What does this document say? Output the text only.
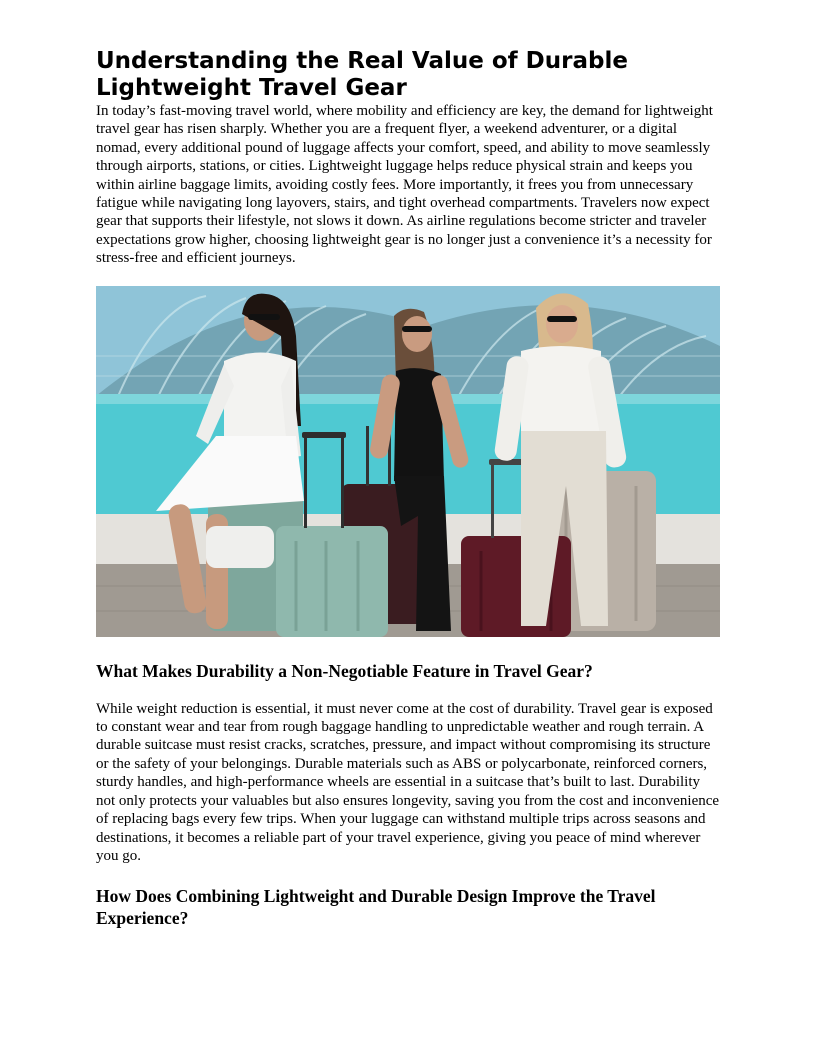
Understanding the Real Value of Durable Lightweight Travel Gear

In today’s fast-moving travel world, where mobility and efficiency are key, the demand for lightweight travel gear has risen sharply. Whether you are a frequent flyer, a weekend adventurer, or a digital nomad, every additional pound of luggage affects your comfort, speed, and ability to move seamlessly through airports, stations, or cities. Lightweight luggage helps reduce physical strain and keeps you within airline baggage limits, avoiding costly fees. More importantly, it frees you from unnecessary fatigue while navigating long layovers, stairs, and tight overhead compartments. Travelers now expect gear that supports their lifestyle, not slows it down. As airline regulations become stricter and traveler expectations grow higher, choosing lightweight gear is no longer just a convenience it’s a necessity for stress-free and efficient journeys.

What Makes Durability a Non-Negotiable Feature in Travel Gear?

While weight reduction is essential, it must never come at the cost of durability. Travel gear is exposed to constant wear and tear from rough baggage handling to unpredictable weather and rough terrain. A durable suitcase must resist cracks, scratches, pressure, and impact without compromising its structure or the safety of your belongings. Durable materials such as ABS or polycarbonate, reinforced corners, sturdy handles, and high-performance wheels are essential in a suitcase that’s built to last. Durability not only protects your valuables but also ensures longevity, saving you from the cost and inconvenience of replacing bags every few trips. When your luggage can withstand multiple trips across seasons and destinations, it becomes a reliable part of your travel experience, giving you peace of mind wherever you go.

How Does Combining Lightweight and Durable Design Improve the Travel Experience?
